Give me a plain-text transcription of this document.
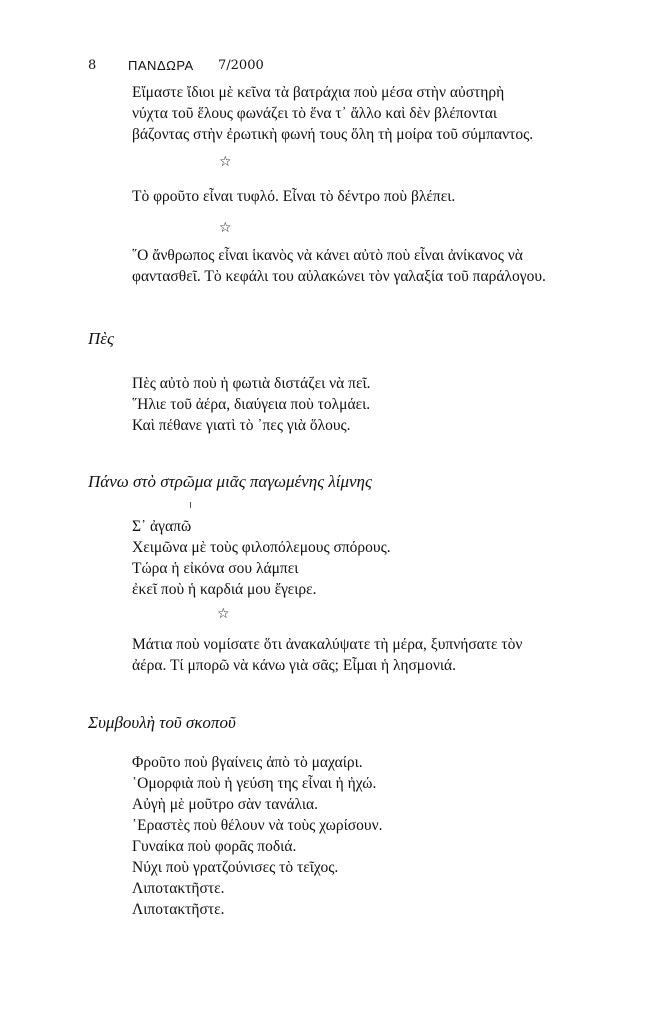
8 ΠΑΝΔΩΡΑ 7/2000
Εἴμαστε ἴδιοι μὲ κεῖνα τὰ βατράχια ποὺ μέσα στὴν αὐστηρὴ
νύχτα τοῦ ἕλους φωνάζει τὸ ἕνα τ᾽ ἄλλο καὶ δὲν βλέπονται
βάζοντας στὴν ἐρωτικὴ φωνή τους ὅλη τὴ μοίρα τοῦ σύμπαντος.
☆
Τὸ φροῦτο εἶναι τυφλό. Εἶναι τὸ δέντρο ποὺ βλέπει.
☆
῞Ο ἄνθρωπος εἶναι ἱκανὸς νὰ κάνει αὐτὸ ποὺ εἶναι ἀνίκανος νὰ
φαντασθεῖ. Τὸ κεφάλι του αὐλακώνει τὸν γαλαξία τοῦ παράλογου.
Πὲς
Πὲς αὐτὸ ποὺ ἡ φωτιὰ διστάζει νὰ πεῖ.
῞Ηλιε τοῦ ἀέρα, διαύγεια ποὺ τολμάει.
Καὶ πέθανε γιατὶ τὸ ᾽πες γιὰ ὅλους.
Πάνω στὸ στρῶμα μιᾶς παγωμένης λίμνης
Σ᾽ ἀγαπῶ
Χειμῶνα μὲ τοὺς φιλοπόλεμους σπόρους.
Τώρα ἡ εἰκόνα σου λάμπει
ἐκεῖ ποὺ ἡ καρδιά μου ἔγειρε.
☆
Μάτια ποὺ νομίσατε ὅτι ἀνακαλύψατε τὴ μέρα, ξυπνήσατε τὸν
ἀέρα. Τί μπορῶ νὰ κάνω γιὰ σᾶς; Εἶμαι ἡ λησμονιά.
Συμβουλὴ τοῦ σκοποῦ
Φροῦτο ποὺ βγαίνεις ἀπὸ τὸ μαχαίρι.
῾Ομορφιὰ ποὺ ἡ γεύση της εἶναι ἡ ἠχώ.
Αὐγὴ μὲ μοῦτρο σὰν τανάλια.
῾Εραστὲς ποὺ θέλουν νὰ τοὺς χωρίσουν.
Γυναίκα ποὺ φορᾶς ποδιά.
Νύχι ποὺ γρατζούνισες τὸ τεῖχος.
Λιποτακτῆστε.
Λιποτακτῆστε.
